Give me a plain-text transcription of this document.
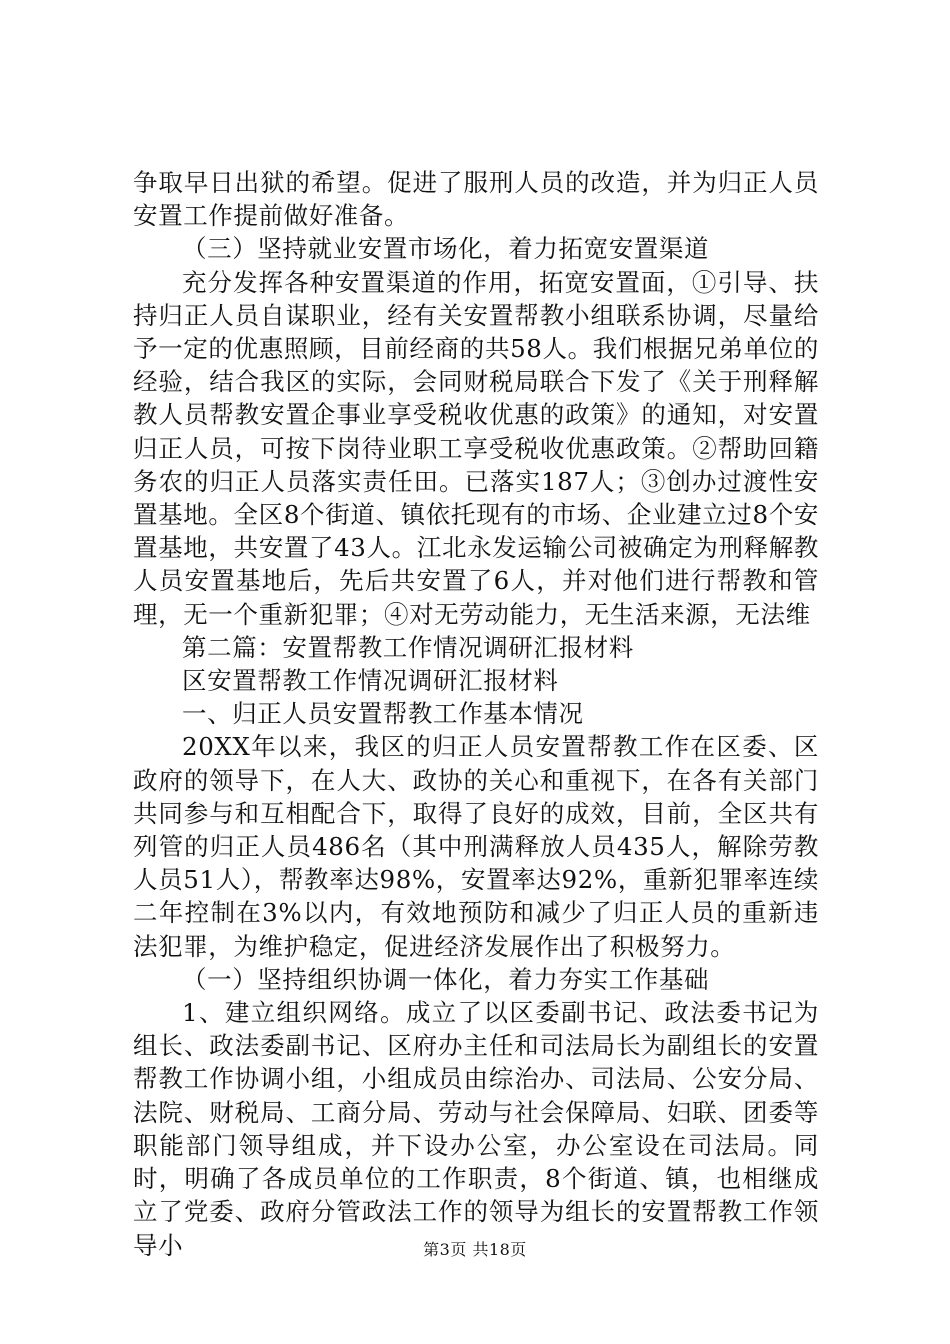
争取早日出狱的希望。促进了服刑人员的改造，并为归正人员安置工作提前做好准备。

（三）坚持就业安置市场化，着力拓宽安置渠道

充分发挥各种安置渠道的作用，拓宽安置面，①引导、扶持归正人员自谋职业，经有关安置帮教小组联系协调，尽量给予一定的优惠照顾，目前经商的共58人。我们根据兄弟单位的经验，结合我区的实际，会同财税局联合下发了《关于刑释解教人员帮教安置企事业享受税收优惠的政策》的通知，对安置归正人员，可按下岗待业职工享受税收优惠政策。②帮助回籍务农的归正人员落实责任田。已落实187人；③创办过渡性安置基地。全区8个街道、镇依托现有的市场、企业建立过8个安置基地，共安置了43人。江北永发运输公司被确定为刑释解教人员安置基地后，先后共安置了6人，并对他们进行帮教和管理，无一个重新犯罪；④对无劳动能力，无生活来源，无法维

第二篇：安置帮教工作情况调研汇报材料

区安置帮教工作情况调研汇报材料

一、归正人员安置帮教工作基本情况

20XX年以来，我区的归正人员安置帮教工作在区委、区政府的领导下，在人大、政协的关心和重视下，在各有关部门共同参与和互相配合下，取得了良好的成效，目前，全区共有列管的归正人员486名（其中刑满释放人员435人，解除劳教人员51人），帮教率达98%，安置率达92%，重新犯罪率连续二年控制在3%以内，有效地预防和减少了归正人员的重新违法犯罪，为维护稳定，促进经济发展作出了积极努力。

（一）坚持组织协调一体化，着力夯实工作基础

1、建立组织网络。成立了以区委副书记、政法委书记为组长、政法委副书记、区府办主任和司法局长为副组长的安置帮教工作协调小组，小组成员由综治办、司法局、公安分局、法院、财税局、工商分局、劳动与社会保障局、妇联、团委等职能部门领导组成，并下设办公室，办公室设在司法局。同时，明确了各成员单位的工作职责，8个街道、镇，也相继成立了党委、政府分管政法工作的领导为组长的安置帮教工作领导小	第3页 共18页
